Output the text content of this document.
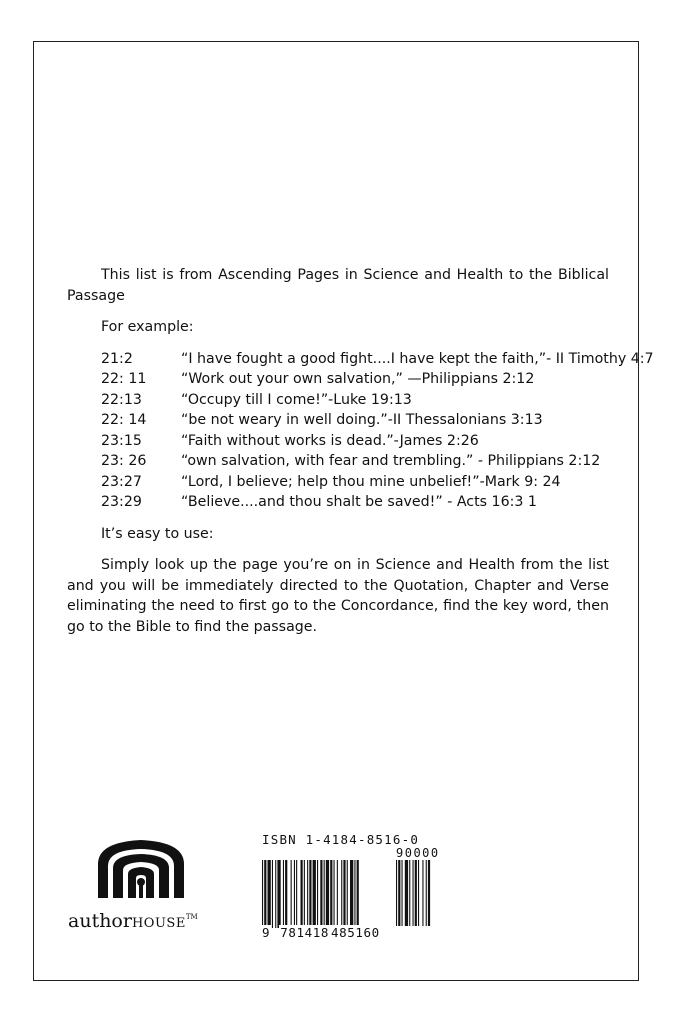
This list is from Ascending Pages in Science and Health to the Biblical Passage

For example:

21:2	“I have fought a good fight....I have kept the faith,”- II Timothy 4:7
22: 11	“Work out your own salvation,” —Philippians 2:12
22:13	“Occupy till I come!”-Luke 19:13
22: 14	“be not weary in well doing.”-II Thessalonians 3:13
23:15	“Faith without works is dead.”-James 2:26
23: 26	“own salvation, with fear and trembling.” - Philippians 2:12
23:27	“Lord, I believe; help thou mine unbelief!”-Mark 9: 24
23:29	“Believe....and thou shalt be saved!” - Acts 16:3 1

It’s easy to use:

Simply look up the page you’re on in Science and Health from the list and you will be immediately directed to the Quotation, Chapter and Verse eliminating the need to first go to the Concordance, find the key word, then go to the Bible to find the passage.

authorHOUSE™
ISBN 1-4184-8516-0
90000
9 781418 485160
